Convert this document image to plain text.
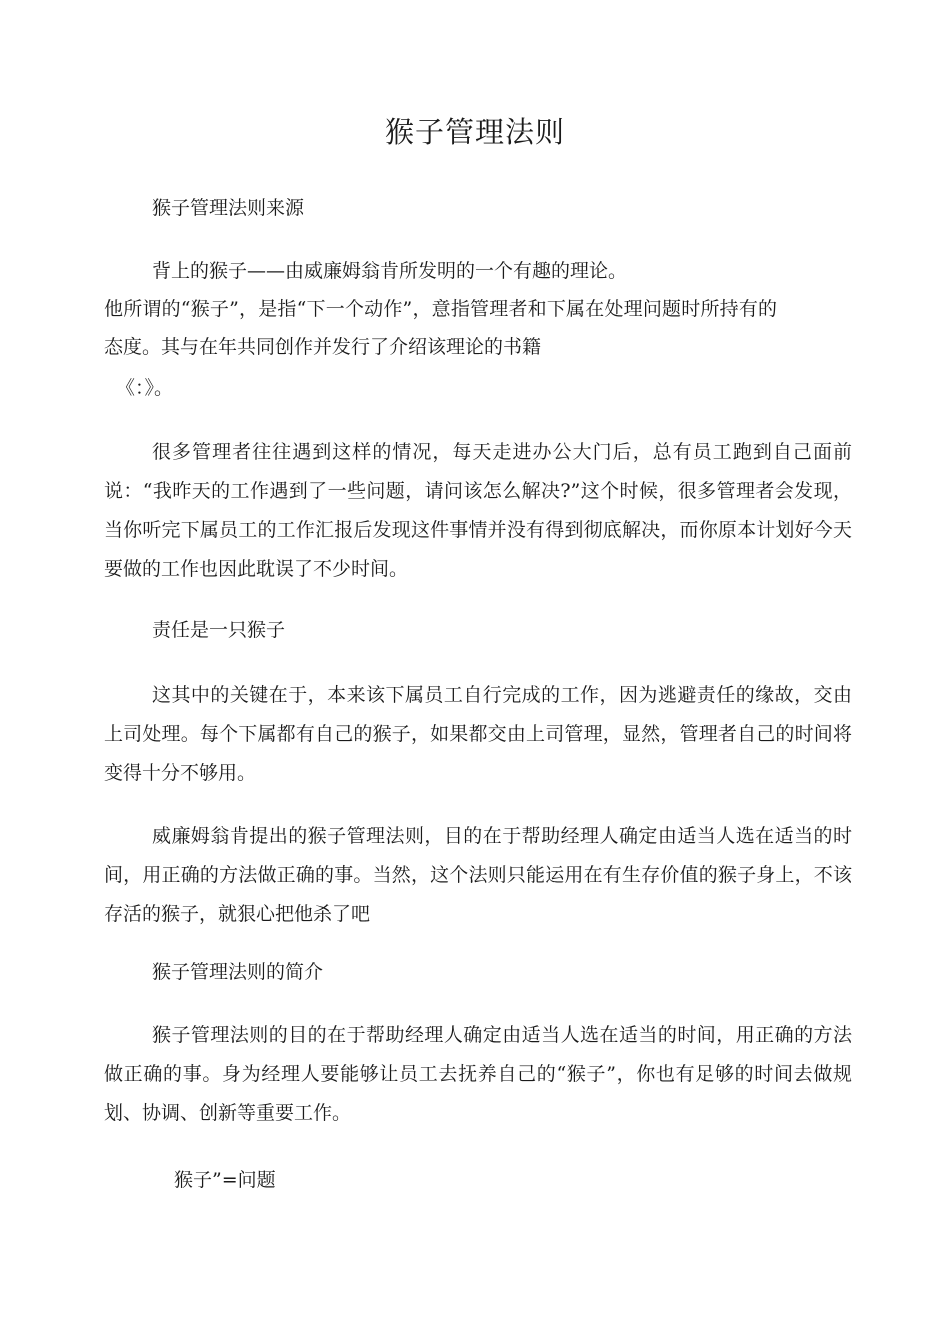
猴子管理法则
猴子管理法则来源
背上的猴子——由威廉姆翁肯所发明的一个有趣的理论。
他所谓的“猴子”，是指“下一个动作”，意指管理者和下属在处理问题时所持有的
态度。其与在年共同创作并发行了介绍该理论的书籍
《：》。

很多管理者往往遇到这样的情况，每天走进办公大门后，总有员工跑到自己面前说：“我昨天的工作遇到了一些问题，请问该怎么解决?”这个时候，很多管理者会发现，当你听完下属员工的工作汇报后发现这件事情并没有得到彻底解决，而你原本计划好今天要做的工作也因此耽误了不少时间。

责任是一只猴子

这其中的关键在于，本来该下属员工自行完成的工作，因为逃避责任的缘故，交由上司处理。每个下属都有自己的猴子，如果都交由上司管理，显然，管理者自己的时间将变得十分不够用。

威廉姆翁肯提出的猴子管理法则，目的在于帮助经理人确定由适当人选在适当的时间，用正确的方法做正确的事。当然，这个法则只能运用在有生存价值的猴子身上，不该存活的猴子，就狠心把他杀了吧

猴子管理法则的简介

猴子管理法则的目的在于帮助经理人确定由适当人选在适当的时间，用正确的方法做正确的事。身为经理人要能够让员工去抚养自己的“猴子”，你也有足够的时间去做规划、协调、创新等重要工作。

猴子”=问题
